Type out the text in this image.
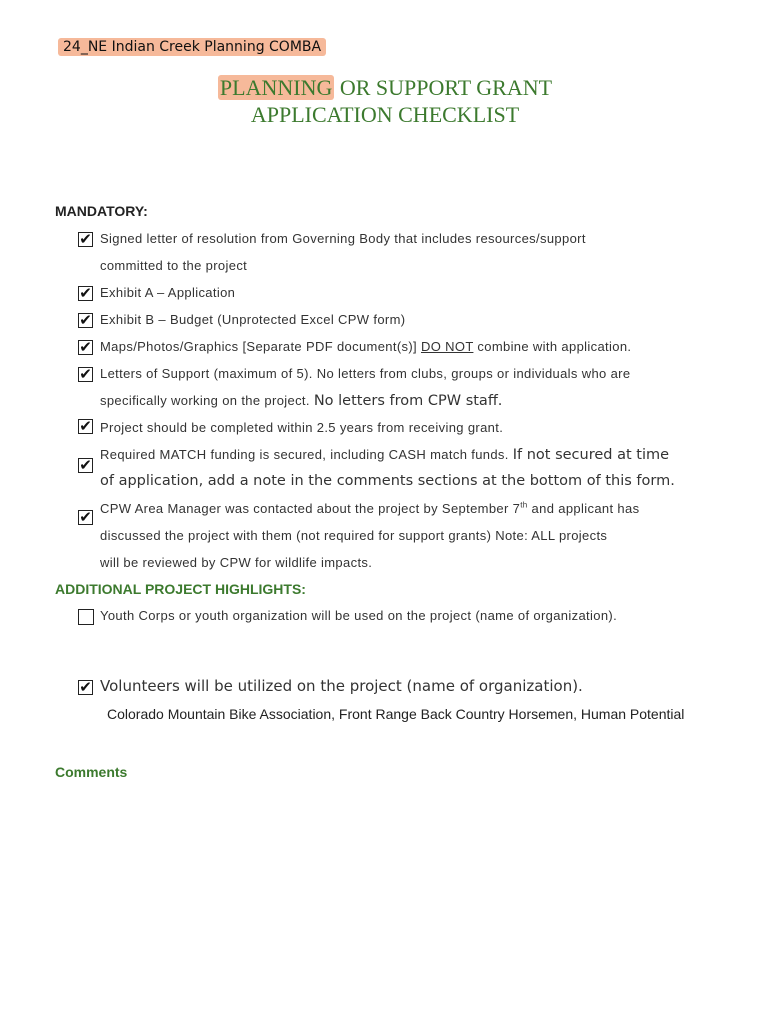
24_NE Indian Creek Planning COMBA
PLANNING OR SUPPORT GRANT
APPLICATION CHECKLIST
MANDATORY:
✔ Signed letter of resolution from Governing Body that includes resources/support
committed to the project
✔ Exhibit A – Application
✔ Exhibit B – Budget (Unprotected Excel CPW form)
✔ Maps/Photos/Graphics [Separate PDF document(s)] DO NOT combine with application.
✔ Letters of Support (maximum of 5). No letters from clubs, groups or individuals who are
specifically working on the project. No letters from CPW staff.
✔ Project should be completed within 2.5 years from receiving grant.
✔
Required MATCH funding is secured, including CASH match funds. If not secured at time
of application, add a note in the comments sections at the bottom of this form.
✔ CPW Area Manager was contacted about the project by September 7th and applicant has
discussed the project with them (not required for support grants) Note: ALL projects
will be reviewed by CPW for wildlife impacts.
ADDITIONAL PROJECT HIGHLIGHTS:
Youth Corps or youth organization will be used on the project (name of organization).
✔ Volunteers will be utilized on the project (name of organization).
Colorado Mountain Bike Association, Front Range Back Country Horsemen, Human Potential
Comments
